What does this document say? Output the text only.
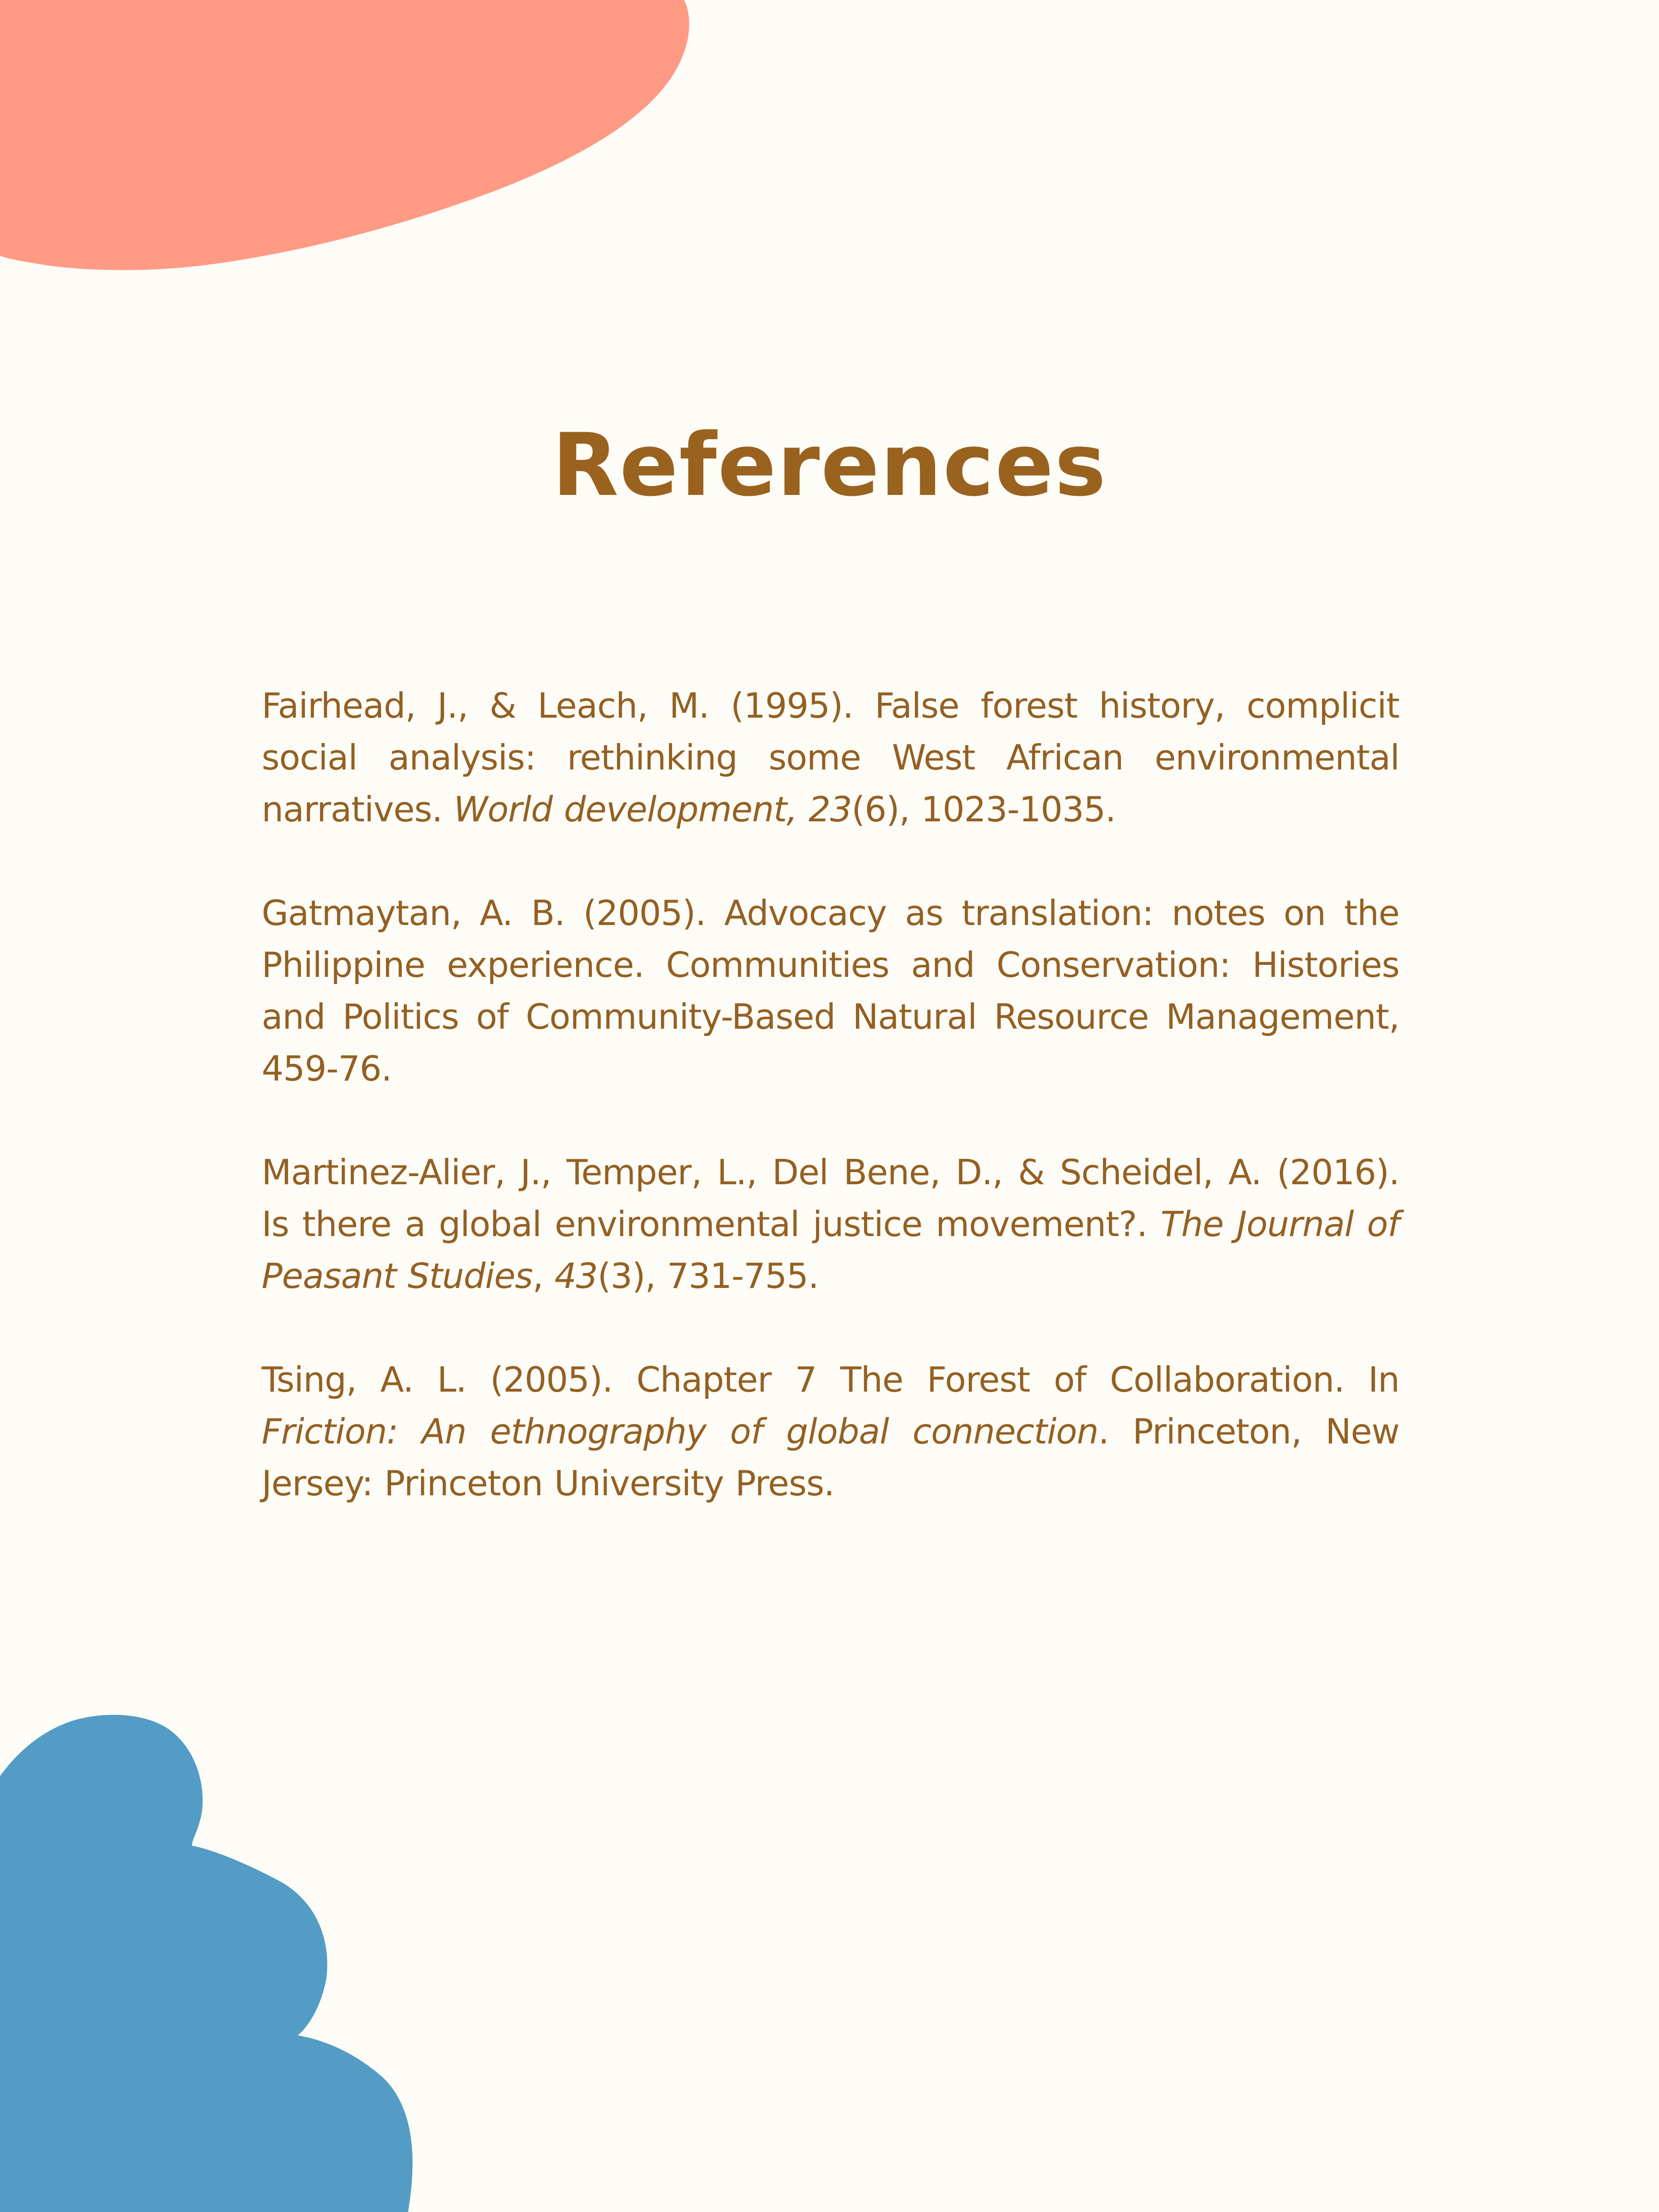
References

Fairhead, J., & Leach, M. (1995). False forest history, complicit social analysis: rethinking some West African environmental narratives. World development, 23(6), 1023-1035.

Gatmaytan, A. B. (2005). Advocacy as translation: notes on the Philippine experience. Communities and Conservation: Histories and Politics of Community-Based Natural Resource Management, 459-76.

Martinez-Alier, J., Temper, L., Del Bene, D., & Scheidel, A. (2016). Is there a global environmental justice movement?. The Journal of Peasant Studies, 43(3), 731-755.

Tsing, A. L. (2005). Chapter 7 The Forest of Collaboration. In Friction: An ethnography of global connection. Princeton, New Jersey: Princeton University Press.
